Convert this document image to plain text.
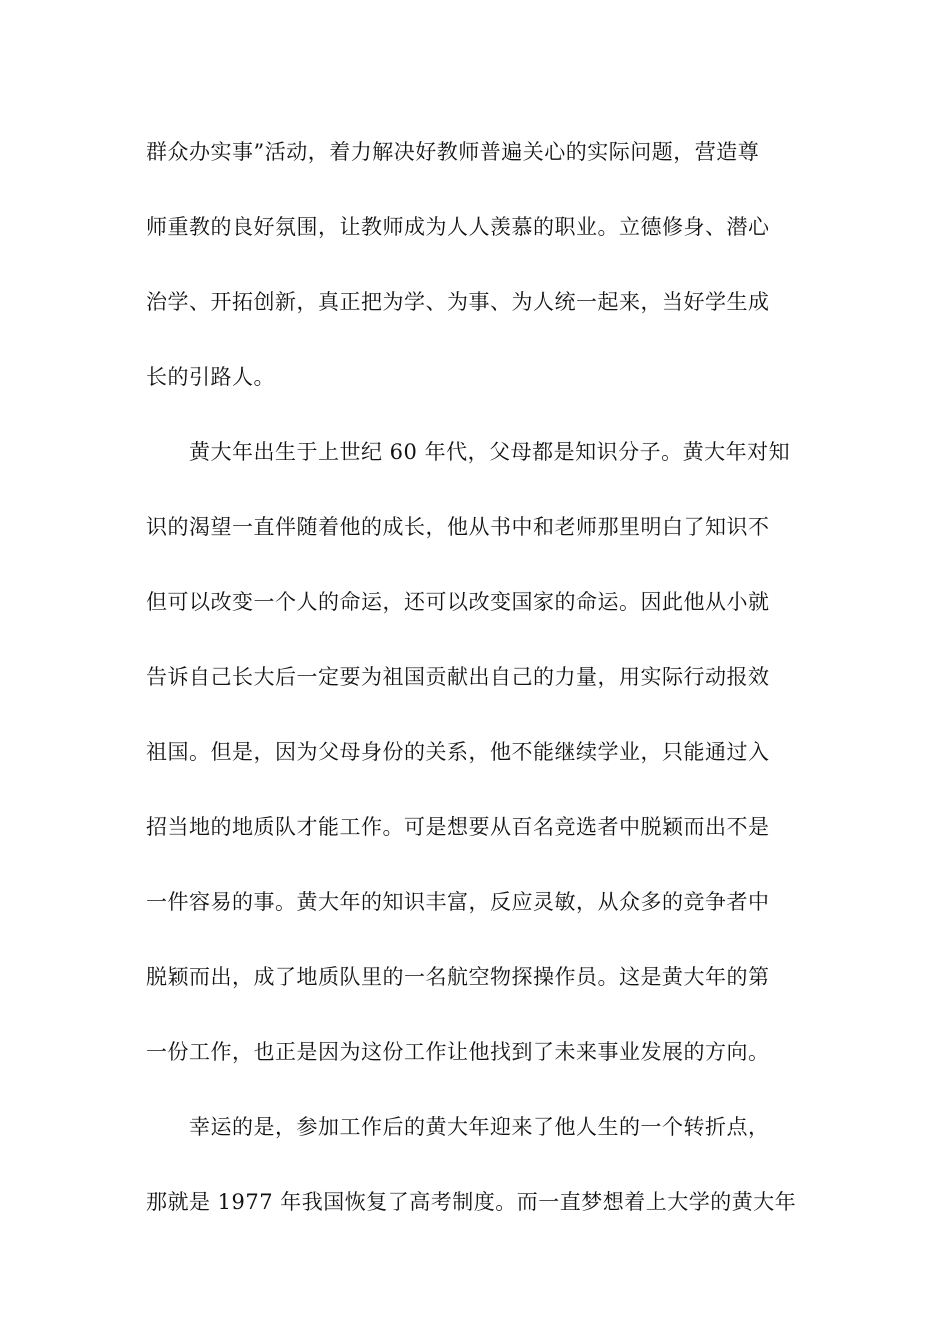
群众办实事”活动，着力解决好教师普遍关心的实际问题，营造尊
师重教的良好氛围，让教师成为人人羡慕的职业。立德修身、潜心
治学、开拓创新，真正把为学、为事、为人统一起来，当好学生成
长的引路人。
黄大年出生于上世纪 60 年代，父母都是知识分子。黄大年对知
识的渴望一直伴随着他的成长，他从书中和老师那里明白了知识不
但可以改变一个人的命运，还可以改变国家的命运。因此他从小就
告诉自己长大后一定要为祖国贡献出自己的力量，用实际行动报效
祖国。但是，因为父母身份的关系，他不能继续学业，只能通过入
招当地的地质队才能工作。可是想要从百名竞选者中脱颖而出不是
一件容易的事。黄大年的知识丰富，反应灵敏，从众多的竞争者中
脱颖而出，成了地质队里的一名航空物探操作员。这是黄大年的第
一份工作，也正是因为这份工作让他找到了未来事业发展的方向。
幸运的是，参加工作后的黄大年迎来了他人生的一个转折点，
那就是 1977 年我国恢复了高考制度。而一直梦想着上大学的黄大年
